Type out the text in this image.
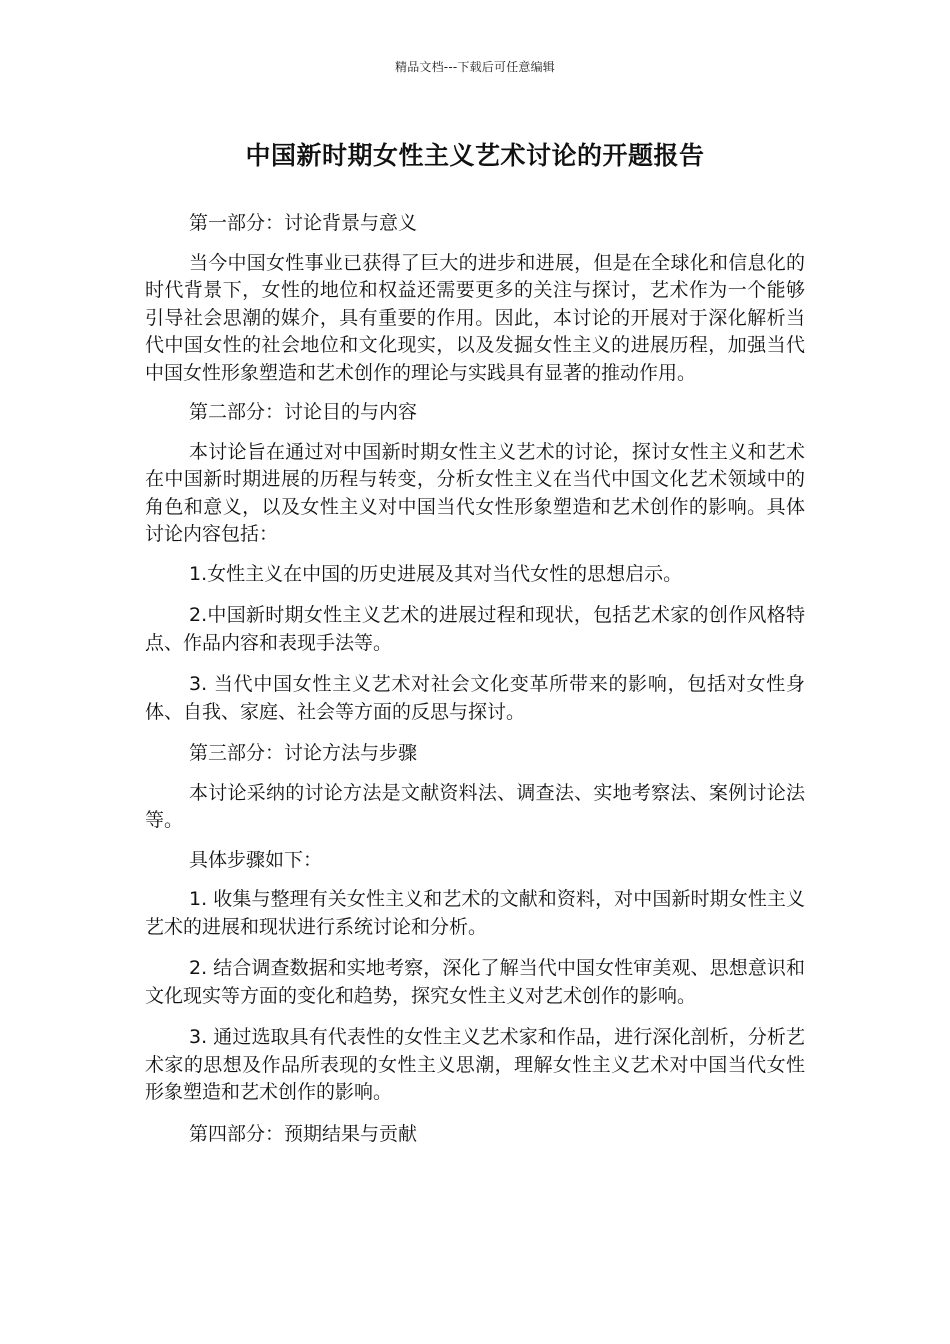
精品文档---下载后可任意编辑
中国新时期女性主义艺术讨论的开题报告

第一部分：讨论背景与意义

当今中国女性事业已获得了巨大的进步和进展，但是在全球化和信息化的时代背景下，女性的地位和权益还需要更多的关注与探讨，艺术作为一个能够引导社会思潮的媒介，具有重要的作用。因此，本讨论的开展对于深化解析当代中国女性的社会地位和文化现实，以及发掘女性主义的进展历程，加强当代中国女性形象塑造和艺术创作的理论与实践具有显著的推动作用。

第二部分：讨论目的与内容

本讨论旨在通过对中国新时期女性主义艺术的讨论，探讨女性主义和艺术在中国新时期进展的历程与转变，分析女性主义在当代中国文化艺术领域中的角色和意义，以及女性主义对中国当代女性形象塑造和艺术创作的影响。具体讨论内容包括：

1.女性主义在中国的历史进展及其对当代女性的思想启示。

2.中国新时期女性主义艺术的进展过程和现状，包括艺术家的创作风格特点、作品内容和表现手法等。

3. 当代中国女性主义艺术对社会文化变革所带来的影响，包括对女性身体、自我、家庭、社会等方面的反思与探讨。

第三部分：讨论方法与步骤

本讨论采纳的讨论方法是文献资料法、调查法、实地考察法、案例讨论法等。

具体步骤如下：

1. 收集与整理有关女性主义和艺术的文献和资料，对中国新时期女性主义艺术的进展和现状进行系统讨论和分析。

2. 结合调查数据和实地考察，深化了解当代中国女性审美观、思想意识和文化现实等方面的变化和趋势，探究女性主义对艺术创作的影响。

3. 通过选取具有代表性的女性主义艺术家和作品，进行深化剖析，分析艺术家的思想及作品所表现的女性主义思潮，理解女性主义艺术对中国当代女性形象塑造和艺术创作的影响。

第四部分：预期结果与贡献
